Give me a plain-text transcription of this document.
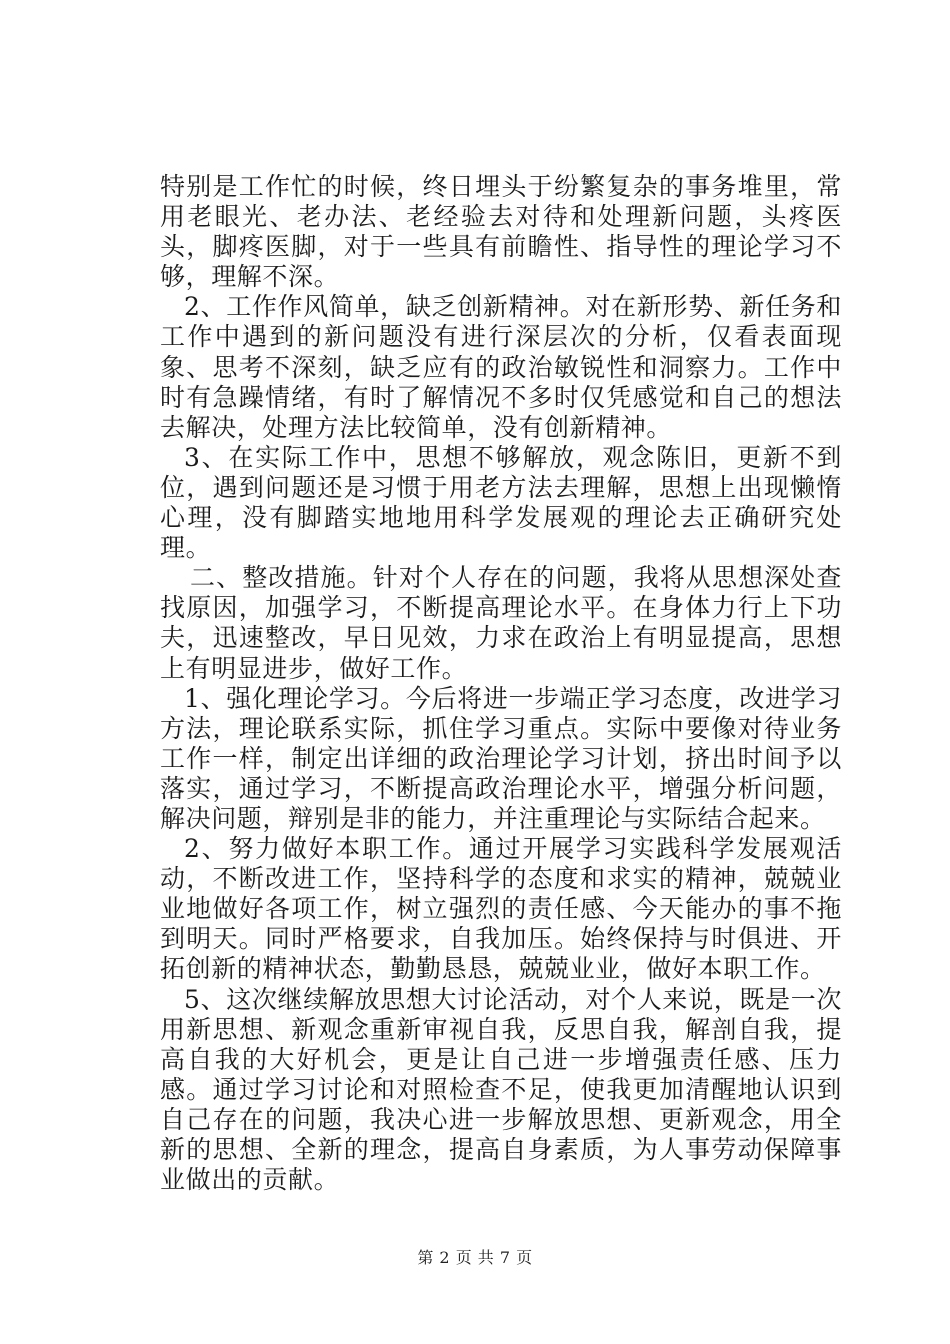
特别是工作忙的时候，终日埋头于纷繁复杂的事务堆里，常用老眼光、老办法、老经验去对待和处理新问题，头疼医头，脚疼医脚，对于一些具有前瞻性、指导性的理论学习不够，理解不深。

2、工作作风简单，缺乏创新精神。对在新形势、新任务和工作中遇到的新问题没有进行深层次的分析，仅看表面现象、思考不深刻，缺乏应有的政治敏锐性和洞察力。工作中时有急躁情绪，有时了解情况不多时仅凭感觉和自己的想法去解决，处理方法比较简单，没有创新精神。

3、在实际工作中，思想不够解放，观念陈旧，更新不到位，遇到问题还是习惯于用老方法去理解，思想上出现懒惰心理，没有脚踏实地地用科学发展观的理论去正确研究处理。

二、整改措施。针对个人存在的问题，我将从思想深处查找原因，加强学习，不断提高理论水平。在身体力行上下功夫，迅速整改，早日见效，力求在政治上有明显提高，思想上有明显进步，做好工作。

1、强化理论学习。今后将进一步端正学习态度，改进学习方法，理论联系实际，抓住学习重点。实际中要像对待业务工作一样，制定出详细的政治理论学习计划，挤出时间予以落实，通过学习，不断提高政治理论水平，增强分析问题，解决问题，辩别是非的能力，并注重理论与实际结合起来。

2、努力做好本职工作。通过开展学习实践科学发展观活动，不断改进工作，坚持科学的态度和求实的精神，兢兢业业地做好各项工作，树立强烈的责任感、今天能办的事不拖到明天。同时严格要求，自我加压。始终保持与时俱进、开拓创新的精神状态，勤勤恳恳，兢兢业业，做好本职工作。

5、这次继续解放思想大讨论活动，对个人来说，既是一次用新思想、新观念重新审视自我，反思自我，解剖自我，提高自我的大好机会，更是让自己进一步增强责任感、压力感。通过学习讨论和对照检查不足，使我更加清醒地认识到自己存在的问题，我决心进一步解放思想、更新观念，用全新的思想、全新的理念，提高自身素质，为人事劳动保障事业做出的贡献。

第 2 页 共 7 页
